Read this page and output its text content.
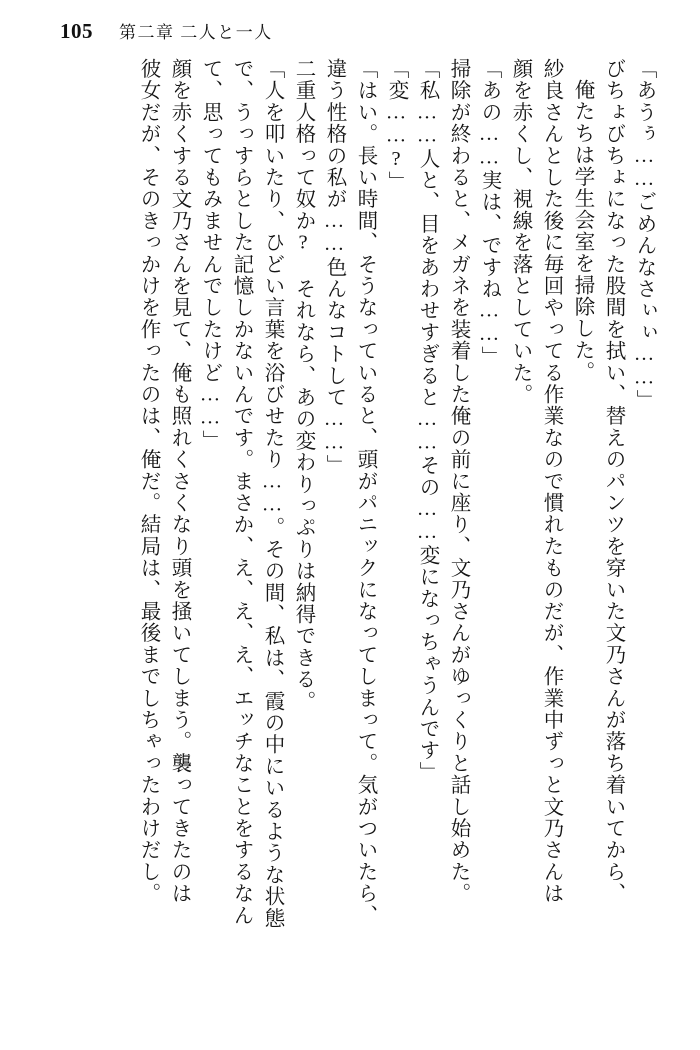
105 第二章 二人と一人
「あうぅ……ごめんなさぃぃ……」
びちょびちょになった股間を拭い、替えのパンツを穿いた文乃さんが落ち着いてから、
俺たちは学生会室を掃除した。
紗良さんとした後に毎回やってる作業なので慣れたものだが、作業中ずっと文乃さんは
顔を赤くし、視線を落としていた。
「あの……実は、ですね……」
掃除が終わると、メガネを装着した俺の前に座り、文乃さんがゆっくりと話し始めた。
「私……人と、目をあわせすぎると……その……変になっちゃうんです」
「変……?」
「はい。長い時間、そうなっていると、頭がパニックになってしまって。気がついたら、
違う性格の私が……色んなコトして……」
二重人格って奴か? それなら、あの変わりっぷりは納得できる。
「人を叩いたり、ひどい言葉を浴びせたり……。その間、私は、霞の中にいるような状態
で、うっすらとした記憶しかないんです。まさか、え、え、え、エッチなことをするなん
て、思ってもみませんでしたけど……」
顔を赤くする文乃さんを見て、俺も照れくさくなり頭を掻いてしまう。襲ってきたのは
彼女だが、そのきっかけを作ったのは、俺だ。結局は、最後までしちゃったわけだし。
